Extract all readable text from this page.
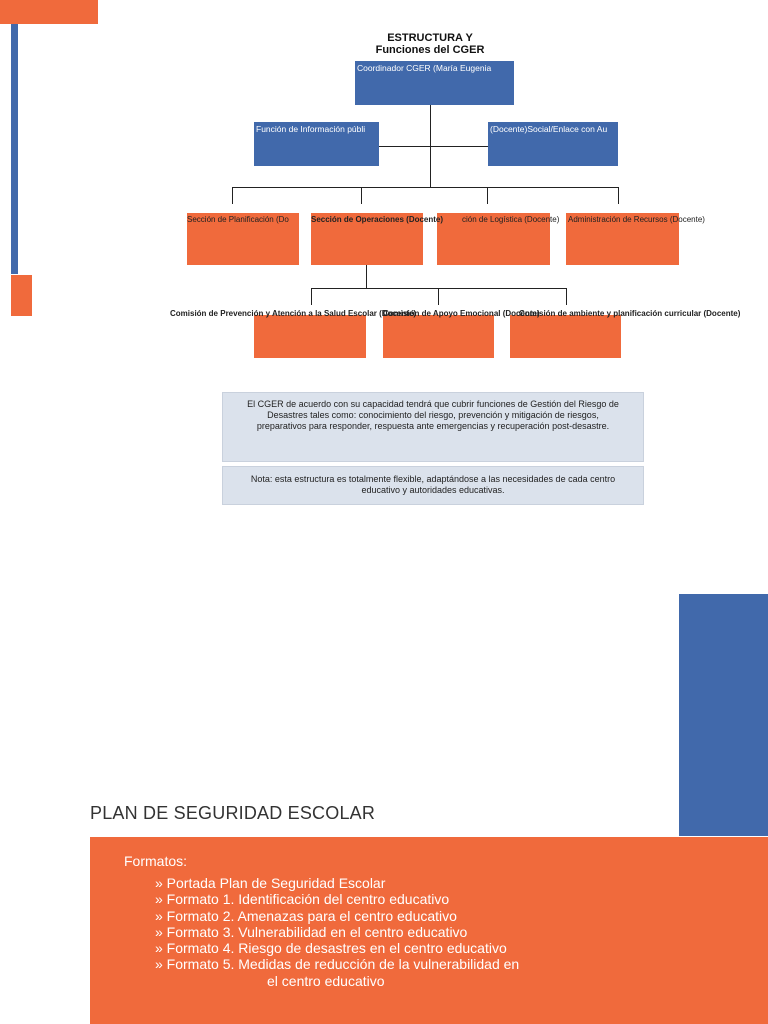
ESTRUCTURA Y
Funciones del CGER
Coordinador CGER (María Eugenia
Función de Información públi	(Docente)Social/Enlace con Au
Sección de Planificación (Do	Sección de Operaciones (Docente) ción de Logística (Docente) Administración de Recursos (Docente)
Comisión de Prevención y Atención a la Salud Escolar (Docente)
Comisión de Apoyo Emocional (Docente)
Comisión de ambiente y planificación curricular (Docente)
El CGER de acuerdo con su capacidad tendrá que cubrir funciones de Gestión del Riesgo de Desastres tales como: conocimiento del riesgo, prevención y mitigación de riesgos, preparativos para responder, respuesta ante emergencias y recuperación post-desastre.
Nota: esta estructura es totalmente flexible, adaptándose a las necesidades de cada centro educativo y autoridades educativas.
PLAN DE SEGURIDAD ESCOLAR
Formatos:
» Portada Plan de Seguridad Escolar
» Formato 1. Identificación del centro educativo
» Formato 2. Amenazas para el centro educativo
» Formato 3. Vulnerabilidad en el centro educativo
» Formato 4. Riesgo de desastres en el centro educativo
» Formato 5. Medidas de reducción de la vulnerabilidad en
el centro educativo
